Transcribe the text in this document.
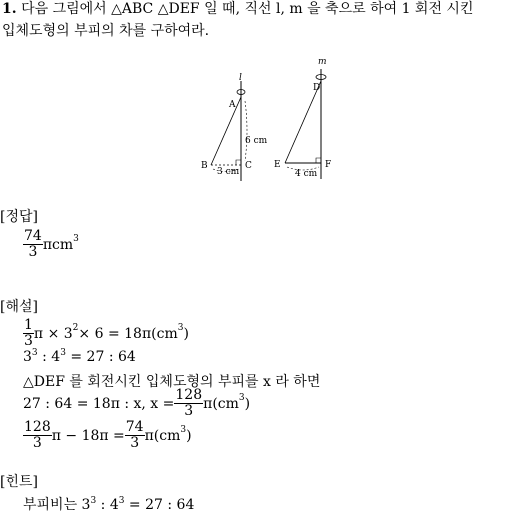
1. 다음 그림에서 △ABC △DEF 일 때, 직선 l, m 을 축으로 하여 1 회전 시킨
입체도형의 부피의 차를 구하여라.
l
A
B	C
6 cm
3 cm
m
D
E	F
4 cm
[정답]
$\frac{74}{3} \pi cm^3$
[해설]
$\frac{1}{3}$ $\pi \times 3^2 \times 6 = 18\pi(cm^3$ )
$3^3$ : $4^3 = 27$ : 64
△DEF 를 회전시킨 입체도형의 부피를 x 라 하면
27 : 64 = 18π : x, $x = \frac{128}{3} \pi(cm^3$ )
$\frac{128}{3}$ $\pi - 18\pi = \frac{74}{3} \pi(cm^3$ )
[힌트]
부피비는 $3^3$ : $4^3 = 27$ : 64
